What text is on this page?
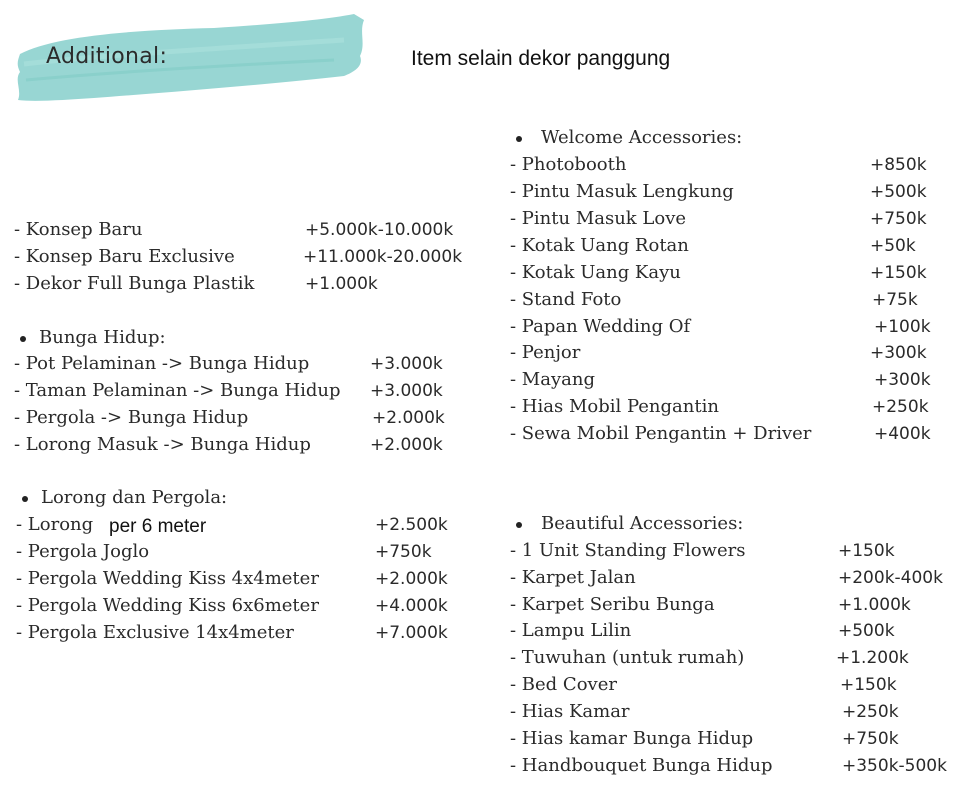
Additional:	Item selain dekor panggung
- Konsep Baru	+5.000k-10.000k
- Konsep Baru Exclusive	+11.000k-20.000k
- Dekor Full Bunga Plastik	+1.000k
Bunga Hidup:
- Pot Pelaminan -> Bunga Hidup	+3.000k
- Taman Pelaminan -> Bunga Hidup +3.000k
- Pergola -> Bunga Hidup	+2.000k
- Lorong Masuk -> Bunga Hidup	+2.000k
Lorong dan Pergola:
- Lorong per 6 meter	+2.500k
- Pergola Joglo	+750k
- Pergola Wedding Kiss 4x4meter	+2.000k
- Pergola Wedding Kiss 6x6meter	+4.000k
- Pergola Exclusive 14x4meter	+7.000k
Welcome Accessories:
- Photobooth	+850k
- Pintu Masuk Lengkung	+500k
- Pintu Masuk Love	+750k
- Kotak Uang Rotan	+50k
- Kotak Uang Kayu	+150k
- Stand Foto	+75k
- Papan Wedding Of	+100k
- Penjor	+300k
- Mayang	+300k
- Hias Mobil Pengantin	+250k
- Sewa Mobil Pengantin + Driver	+400k
Beautiful Accessories:
- 1 Unit Standing Flowers	+150k
- Karpet Jalan	+200k-400k
- Karpet Seribu Bunga	+1.000k
- Lampu Lilin	+500k
- Tuwuhan (untuk rumah)	+1.200k
- Bed Cover	+150k
- Hias Kamar	+250k
- Hias kamar Bunga Hidup	+750k
- Handbouquet Bunga Hidup	+350k-500k
